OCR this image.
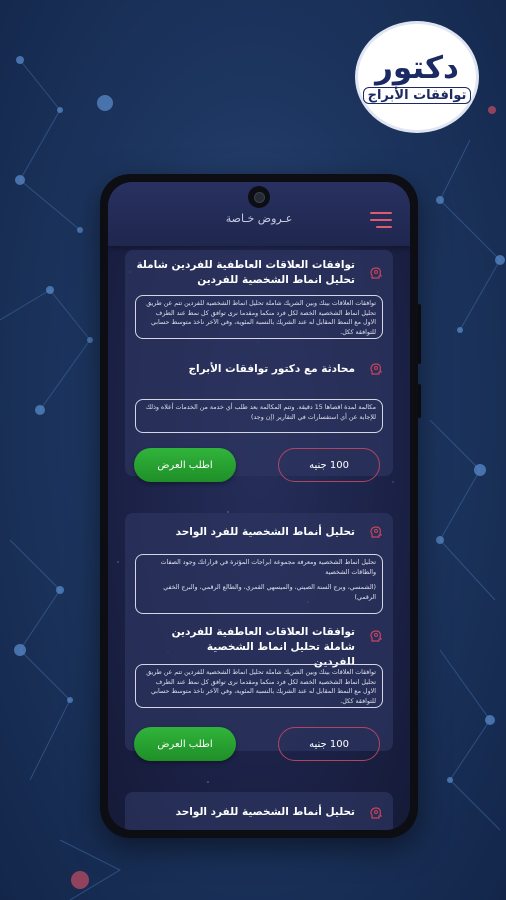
دكتور
توافقات الأبراج
عـروض خـاصة
توافقات العلاقات العاطفية للفردين شاملة تحليل انماط الشخصية للفردين

توافقات العلاقات بينك وبين الشريك شاملة تحليل انماط الشخصية للفردين تتم عن طريق تحليل انماط الشخصية الخصة لكل فرد منكما ومقدما نرى توافق كل نمط عند الطرف الاول مع النمط المقابل له عند الشريك بالنسبة المئوية، وفي الآخر ناخذ متوسط حسابي للتوافقة ككل.

محادثة مع دكتور توافقات الأبراج

مكالمة لمدة اقصاها 15 دقيقة. وتتم المكالمة بعد طلب أي خدمة من الخدمات أعلاه وذلك للإجابة عن أي استفسارات في التقارير (إن وجد)

100 جنيه
اطلب العرض
تحليل أنماط الشخصية للفرد الواحد

تحليل انماط الشخصية ومعرفة مجموعة ابراجات المؤثرة في قراراتك وجود الصفات والطاقات الشخصية

(الشمسي، وبرج السنة الصيني، والميسهي القمري، والطالع الرقمي، والبرج الخفي الرقمي)

توافقات العلاقات العاطفية للفردين شاملة تحليل انماط الشخصية للفردين

توافقات العلاقات بينك وبين الشريك شاملة تحليل انماط الشخصية للفردين تتم عن طريق تحليل انماط الشخصية الخصة لكل فرد منكما ومقدما نرى توافق كل نمط عند الطرف الاول مع النمط المقابل له عند الشريك بالنسبة المئوية، وفي الآخر ناخذ متوسط حسابي للتوافقة ككل.

100 جنيه
اطلب العرض
تحليل أنماط الشخصية للفرد الواحد
